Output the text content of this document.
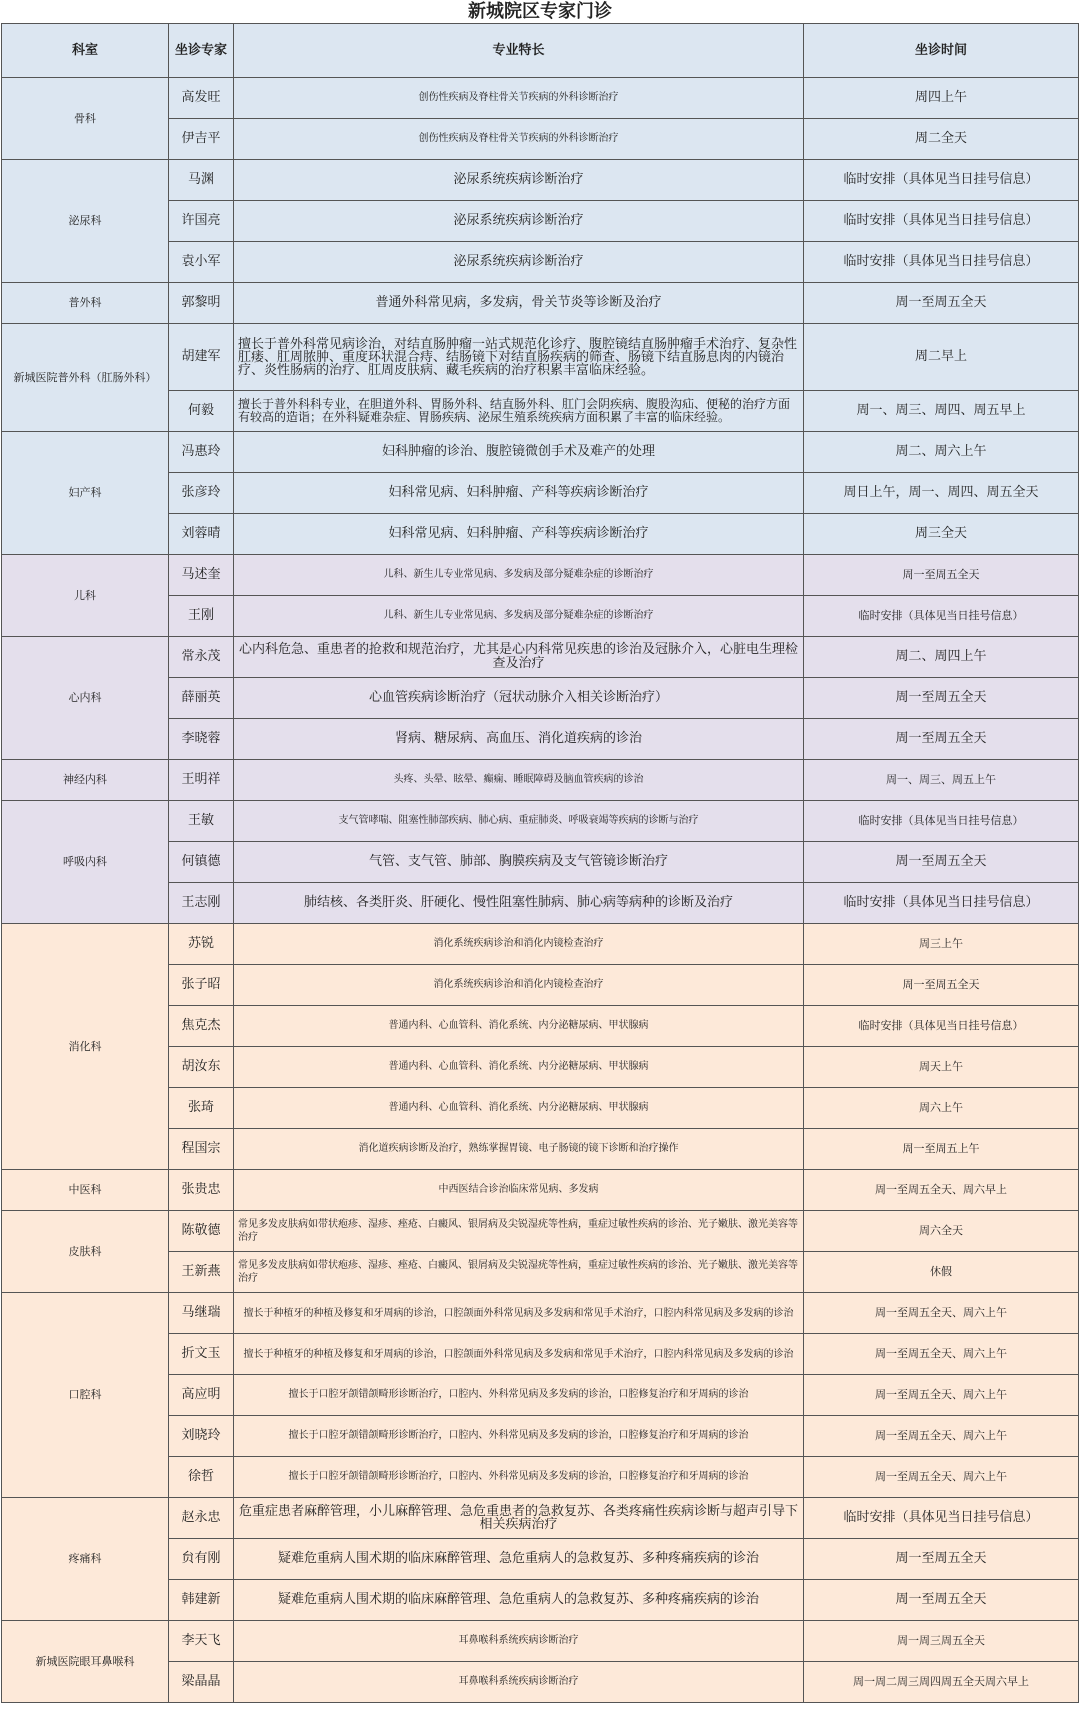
新城院区专家门诊
科室	坐诊专家	专业特长	坐诊时间
骨科	高发旺	创伤性疾病及脊柱骨关节疾病的外科诊断治疗	周四上午
	伊吉平	创伤性疾病及脊柱骨关节疾病的外科诊断治疗	周二全天
泌尿科	马渊	泌尿系统疾病诊断治疗	临时安排（具体见当日挂号信息）
	许国亮	泌尿系统疾病诊断治疗	临时安排（具体见当日挂号信息）
	袁小军	泌尿系统疾病诊断治疗	临时安排（具体见当日挂号信息）
普外科	郭黎明	普通外科常见病，多发病，骨关节炎等诊断及治疗	周一至周五全天
新城医院普外科（肛肠外科）	胡建军	擅长于普外科常见病诊治，对结直肠肿瘤一站式规范化诊疗、腹腔镜结直肠肿瘤手术治疗、复杂性肛瘘、肛周脓肿、重度环状混合痔、结肠镜下对结直肠疾病的筛查、肠镜下结直肠息肉的内镜治疗、炎性肠病的治疗、肛周皮肤病、藏毛疾病的治疗积累丰富临床经验。	周二早上
	何毅	擅长于普外科科专业，在胆道外科、胃肠外科、结直肠外科、肛门会阴疾病、腹股沟疝、便秘的治疗方面有较高的造诣；在外科疑难杂症、胃肠疾病、泌尿生殖系统疾病方面积累了丰富的临床经验。	周一、周三、周四、周五早上
妇产科	冯惠玲	妇科肿瘤的诊治、腹腔镜微创手术及难产的处理	周二、周六上午
	张彦玲	妇科常见病、妇科肿瘤、产科等疾病诊断治疗	周日上午，周一、周四、周五全天
	刘蓉晴	妇科常见病、妇科肿瘤、产科等疾病诊断治疗	周三全天
儿科	马述奎	儿科、新生儿专业常见病、多发病及部分疑难杂症的诊断治疗	周一至周五全天
	王刚	儿科、新生儿专业常见病、多发病及部分疑难杂症的诊断治疗	临时安排（具体见当日挂号信息）
心内科	常永茂	心内科危急、重患者的抢救和规范治疗，尤其是心内科常见疾患的诊治及冠脉介入，心脏电生理检查及治疗	周二、周四上午
	薛丽英	心血管疾病诊断治疗（冠状动脉介入相关诊断治疗）	周一至周五全天
	李晓蓉	肾病、糖尿病、高血压、消化道疾病的诊治	周一至周五全天
神经内科	王明祥	头疼、头晕、眩晕、癫痫、睡眠障碍及脑血管疾病的诊治	周一、周三、周五上午
呼吸内科	王敏	支气管哮喘、阻塞性肺部疾病、肺心病、重症肺炎、呼吸衰竭等疾病的诊断与治疗	临时安排（具体见当日挂号信息）
	何镇德	气管、支气管、肺部、胸膜疾病及支气管镜诊断治疗	周一至周五全天
	王志刚	肺结核、各类肝炎、肝硬化、慢性阻塞性肺病、肺心病等病种的诊断及治疗	临时安排（具体见当日挂号信息）
消化科	苏锐	消化系统疾病诊治和消化内镜检查治疗	周三上午
	张子昭	消化系统疾病诊治和消化内镜检查治疗	周一至周五全天
	焦克杰	普通内科、心血管科、消化系统、内分泌糖尿病、甲状腺病	临时安排（具体见当日挂号信息）
	胡汝东	普通内科、心血管科、消化系统、内分泌糖尿病、甲状腺病	周天上午
	张琦	普通内科、心血管科、消化系统、内分泌糖尿病、甲状腺病	周六上午
	程国宗	消化道疾病诊断及治疗，熟练掌握胃镜、电子肠镜的镜下诊断和治疗操作	周一至周五上午
中医科	张贵忠	中西医结合诊治临床常见病、多发病	周一至周五全天、周六早上
皮肤科	陈敬德	常见多发皮肤病如带状疱疹、湿疹、痤疮、白癜风、银屑病及尖锐湿疣等性病，重症过敏性疾病的诊治、光子嫩肤、激光美容等治疗	周六全天
	王新燕	常见多发皮肤病如带状疱疹、湿疹、痤疮、白癜风、银屑病及尖锐湿疣等性病，重症过敏性疾病的诊治、光子嫩肤、激光美容等治疗	休假
口腔科	马继瑞	擅长于种植牙的种植及修复和牙周病的诊治，口腔颌面外科常见病及多发病和常见手术治疗，口腔内科常见病及多发病的诊治	周一至周五全天、周六上午
	折文玉	擅长于种植牙的种植及修复和牙周病的诊治，口腔颌面外科常见病及多发病和常见手术治疗，口腔内科常见病及多发病的诊治	周一至周五全天、周六上午
	高应明	擅长于口腔牙颌错颌畸形诊断治疗，口腔内、外科常见病及多发病的诊治，口腔修复治疗和牙周病的诊治	周一至周五全天、周六上午
	刘晓玲	擅长于口腔牙颌错颌畸形诊断治疗，口腔内、外科常见病及多发病的诊治，口腔修复治疗和牙周病的诊治	周一至周五全天、周六上午
	徐哲	擅长于口腔牙颌错颌畸形诊断治疗，口腔内、外科常见病及多发病的诊治，口腔修复治疗和牙周病的诊治	周一至周五全天、周六上午
疼痛科	赵永忠	危重症患者麻醉管理，小儿麻醉管理、急危重患者的急救复苏、各类疼痛性疾病诊断与超声引导下相关疾病治疗	临时安排（具体见当日挂号信息）
	贠有刚	疑难危重病人围术期的临床麻醉管理、急危重病人的急救复苏、多种疼痛疾病的诊治	周一至周五全天
	韩建新	疑难危重病人围术期的临床麻醉管理、急危重病人的急救复苏、多种疼痛疾病的诊治	周一至周五全天
新城医院眼耳鼻喉科	李天飞	耳鼻喉科系统疾病诊断治疗	周一周三周五全天
	梁晶晶	耳鼻喉科系统疾病诊断治疗	周一周二周三周四周五全天周六早上
